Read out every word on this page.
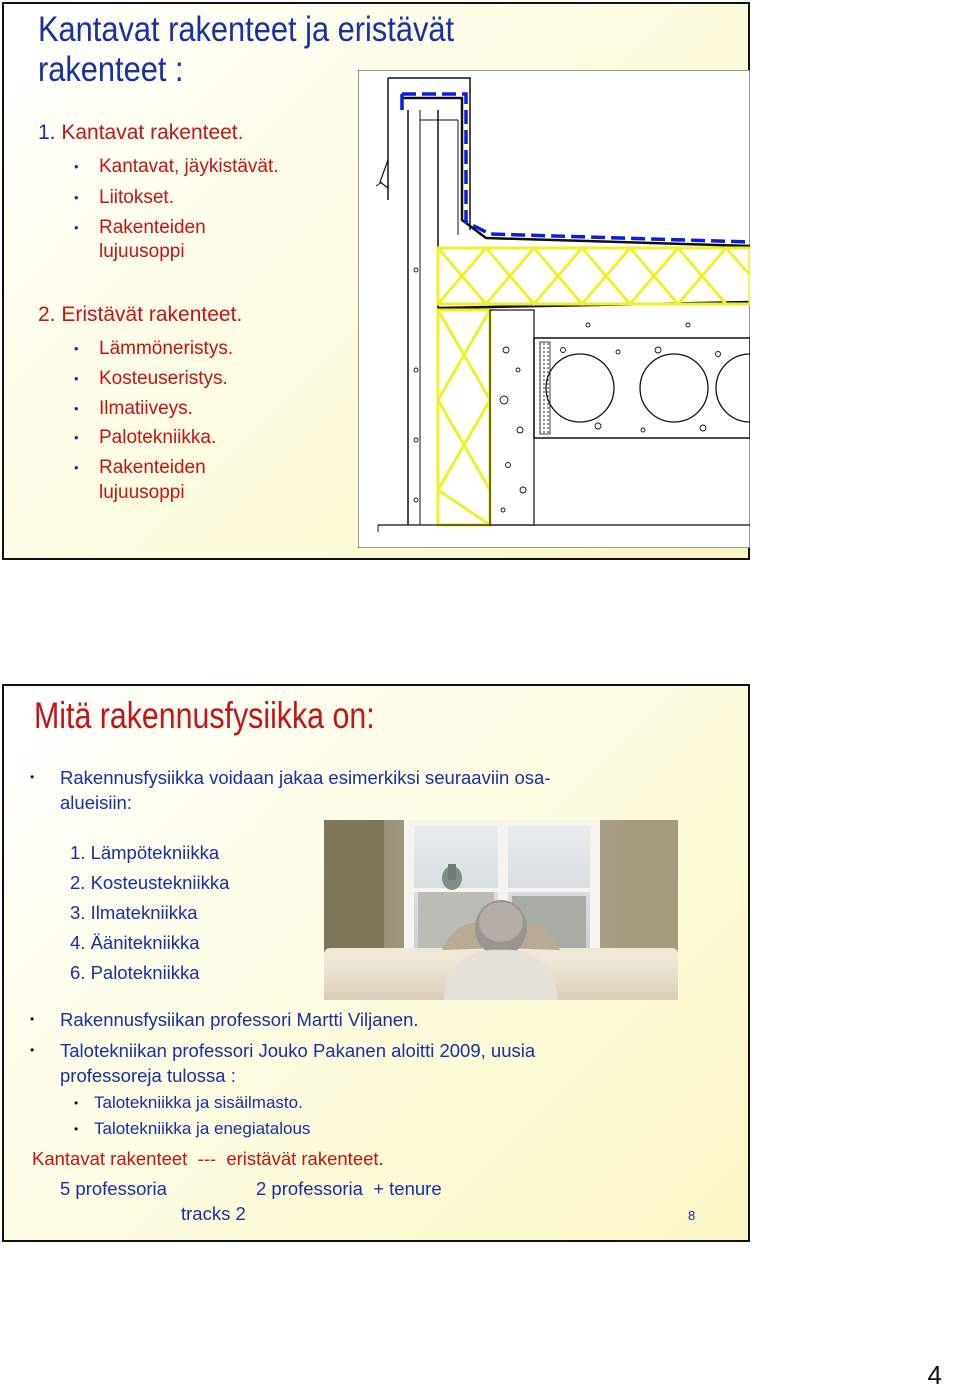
Kantavat rakenteet ja eristävät
rakenteet :
1. Kantavat rakenteet.
• Kantavat, jäykistävät.
• Liitokset.
• Rakenteiden
lujuusoppi
2. Eristävät rakenteet.
• Lämmöneristys.
• Kosteuseristys.
• Ilmatiiveys.
• Palotekniikka.
• Rakenteiden
lujuusoppi
Mitä rakennusfysiikka on:
• Rakennusfysiikka voidaan jakaa esimerkiksi seuraaviin osa-
alueisiin:
1. Lämpötekniikka
2. Kosteustekniikka
3. Ilmatekniikka
4. Äänitekniikka
6. Palotekniikka
• Rakennusfysiikan professori Martti Viljanen.
• Talotekniikan professori Jouko Pakanen aloitti 2009, uusia
professoreja tulossa :
• Talotekniikka ja sisäilmasto.
• Talotekniikka ja enegiatalous
Kantavat rakenteet  ---  eristävät rakenteet.
5 professoria	2 professoria  + tenure
tracks 2	8
4
